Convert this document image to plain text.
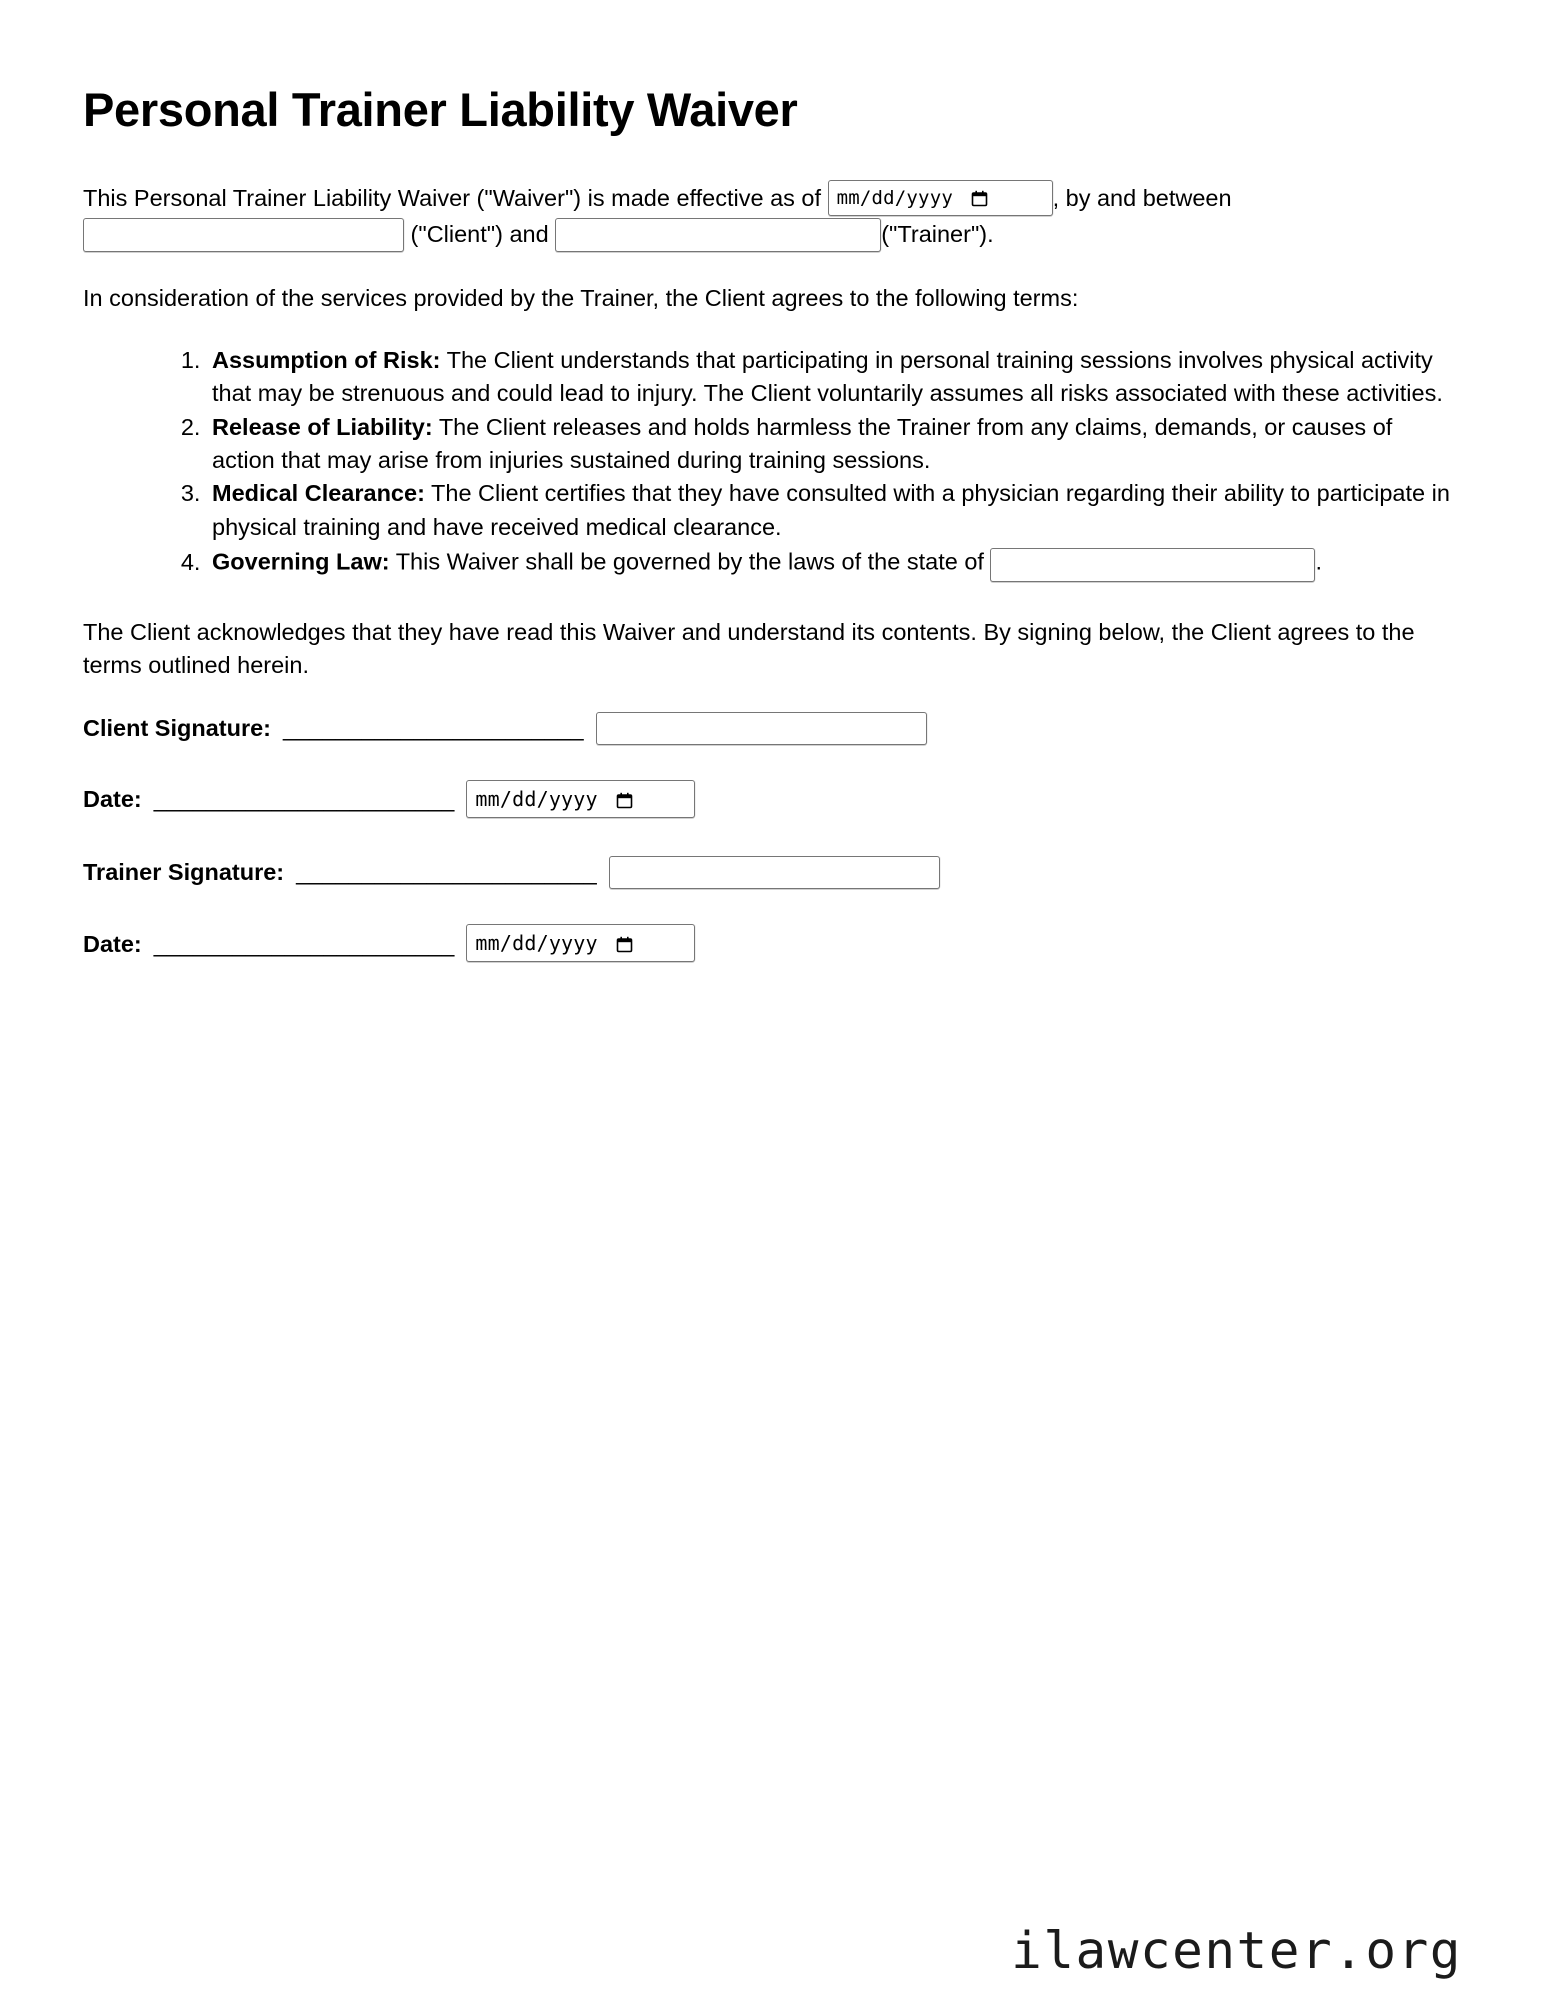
Personal Trainer Liability Waiver

This Personal Trainer Liability Waiver ("Waiver") is made effective as of mm/dd/yyyy	, by and between  ("Client") and	("Trainer").

In consideration of the services provided by the Trainer, the Client agrees to the following terms:

1. Assumption of Risk: The Client understands that participating in personal training sessions involves physical activity that may be strenuous and could lead to injury. The Client voluntarily assumes all risks associated with these activities.
2. Release of Liability: The Client releases and holds harmless the Trainer from any claims, demands, or causes of action that may arise from injuries sustained during training sessions.
3. Medical Clearance: The Client certifies that they have consulted with a physician regarding their ability to participate in physical training and have received medical clearance.
4. Governing Law: This Waiver shall be governed by the laws of the state of	.

The Client acknowledges that they have read this Waiver and understand its contents. By signing below, the Client agrees to the terms outlined herein.

Client Signature: _______________________
Date: _______________________ mm/dd/yyyy
Trainer Signature: _______________________
Date: _______________________ mm/dd/yyyy
ilawcenter.org
